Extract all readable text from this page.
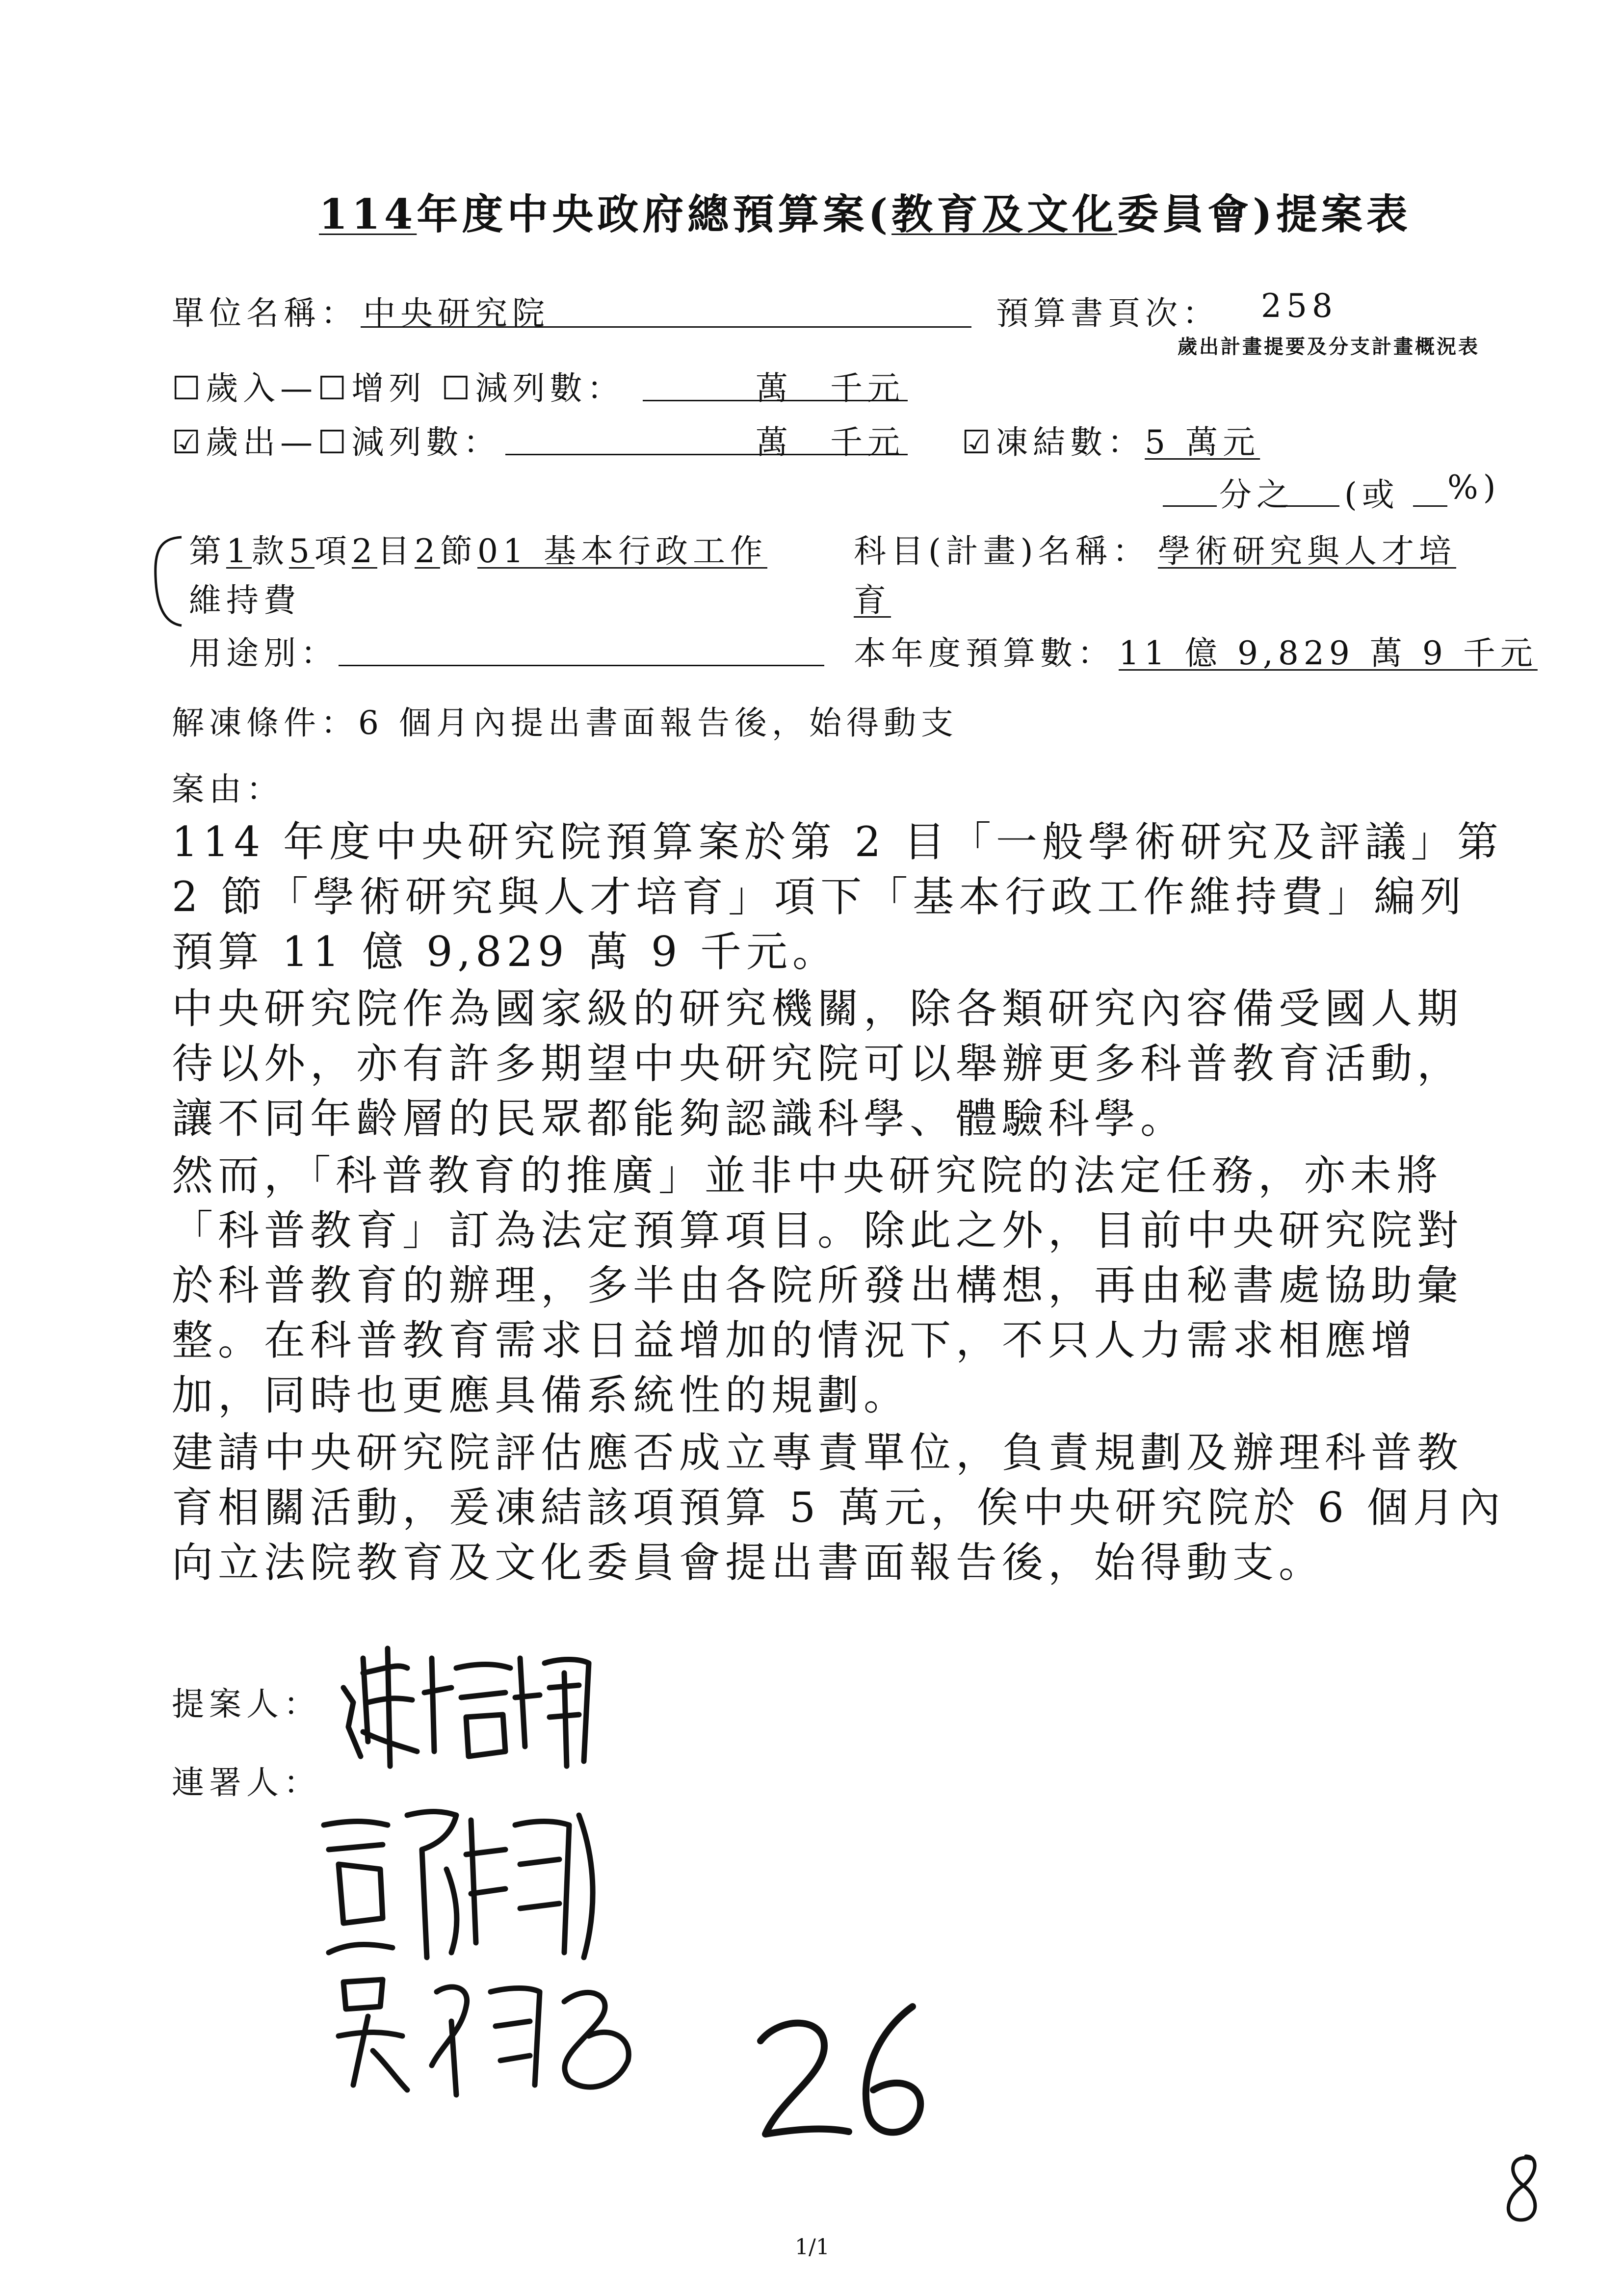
114年度中央政府總預算案(教育及文化委員會)提案表
單位名稱： 中央研究院	預算書頁次： 258
歲出計畫提要及分支計畫概況表
☐歲入—☐增列 ☐減列數：	萬　千元
☑歲出—☐減列數：	萬　千元 ☑凍結數：5 萬元
分之 (或 %)
第1款5項2目2節01 基本行政工作
維持費
科目(計畫)名稱： 學術研究與人才培
育
用途別：	本年度預算數： 11 億 9,829 萬 9 千元
解凍條件：6 個月內提出書面報告後，始得動支
案由：
114 年度中央研究院預算案於第 2 目「一般學術研究及評議」第 2 節「學術研究與人才培育」項下「基本行政工作維持費」編列預算 11 億 9,829 萬 9 千元。
中央研究院作為國家級的研究機關，除各類研究內容備受國人期待以外，亦有許多期望中央研究院可以舉辦更多科普教育活動，讓不同年齡層的民眾都能夠認識科學、體驗科學。
然而，「科普教育的推廣」並非中央研究院的法定任務，亦未將「科普教育」訂為法定預算項目。除此之外，目前中央研究院對於科普教育的辦理，多半由各院所發出構想，再由秘書處協助彙整。在科普教育需求日益增加的情況下，不只人力需求相應增加，同時也更應具備系統性的規劃。
建請中央研究院評估應否成立專責單位，負責規劃及辦理科普教育相關活動，爰凍結該項預算 5 萬元，俟中央研究院於 6 個月內向立法院教育及文化委員會提出書面報告後，始得動支。
提案人：
連署人：
1/1
